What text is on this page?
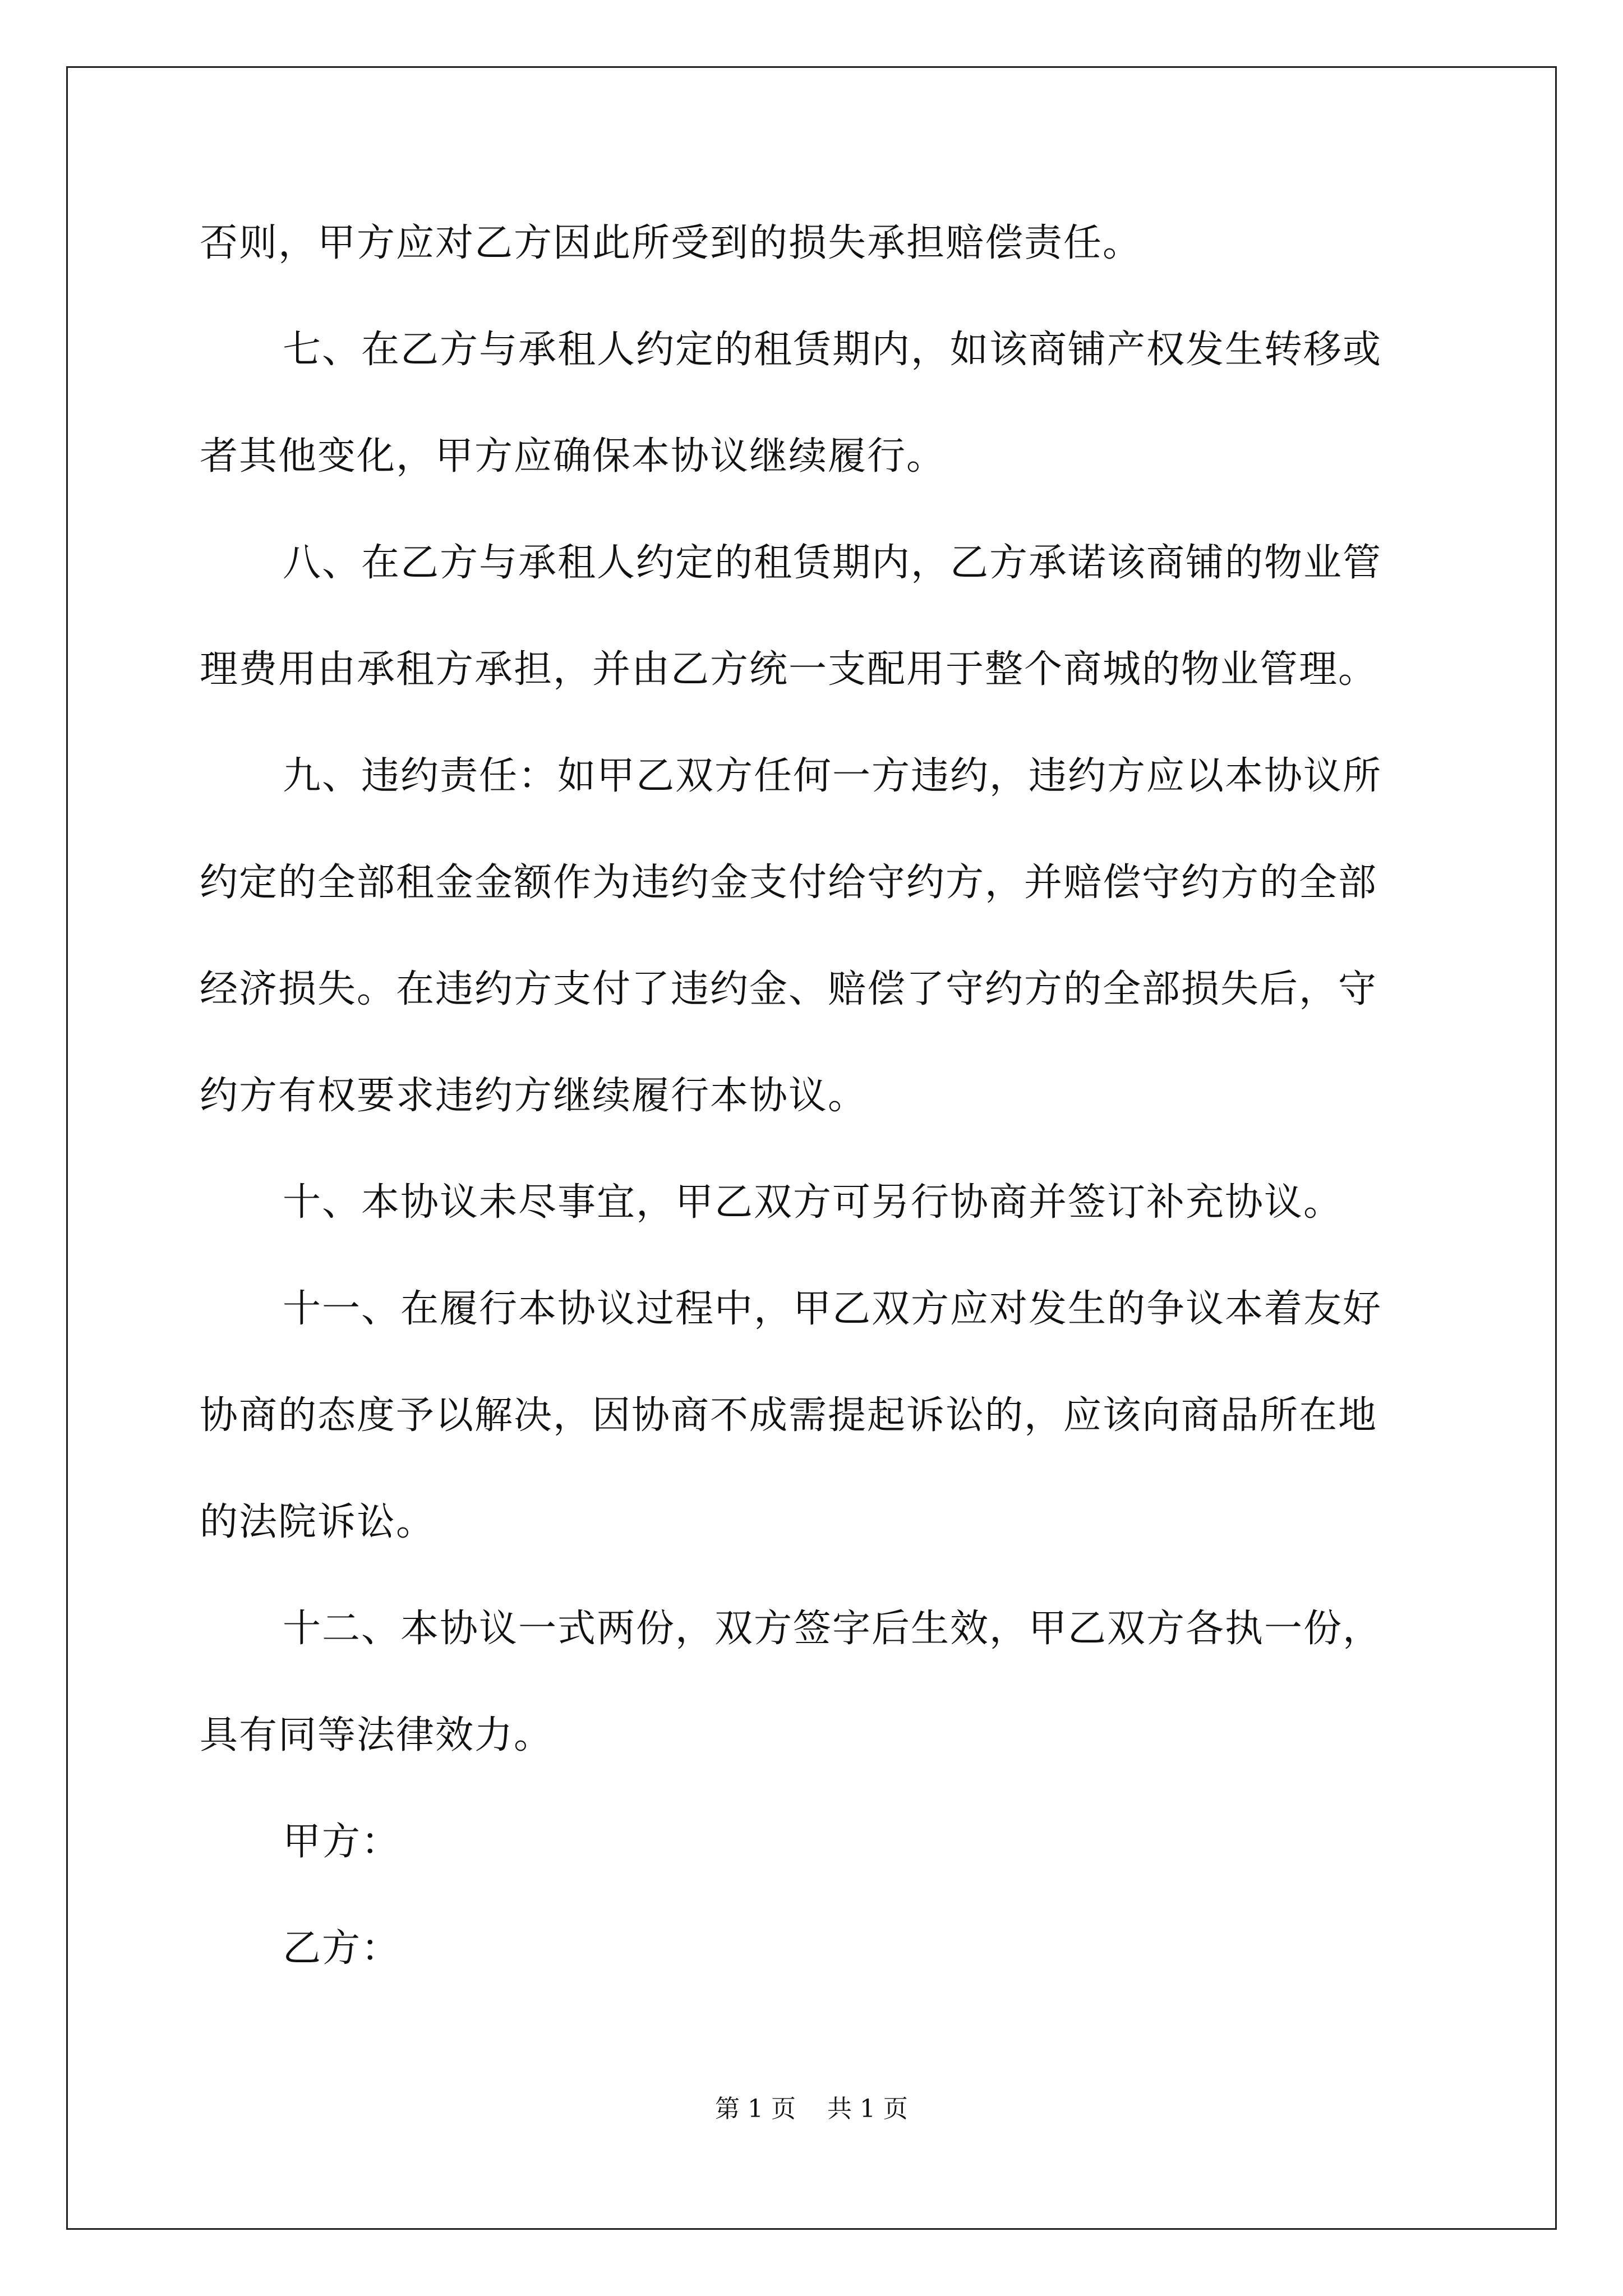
否则，甲方应对乙方因此所受到的损失承担赔偿责任。
七、在乙方与承租人约定的租赁期内，如该商铺产权发生转移或
者其他变化，甲方应确保本协议继续履行。
八、在乙方与承租人约定的租赁期内，乙方承诺该商铺的物业管
理费用由承租方承担，并由乙方统一支配用于整个商城的物业管理。
九、违约责任：如甲乙双方任何一方违约，违约方应以本协议所
约定的全部租金金额作为违约金支付给守约方，并赔偿守约方的全部
经济损失。在违约方支付了违约金、赔偿了守约方的全部损失后，守
约方有权要求违约方继续履行本协议。
十、本协议未尽事宜，甲乙双方可另行协商并签订补充协议。
十一、在履行本协议过程中，甲乙双方应对发生的争议本着友好
协商的态度予以解决，因协商不成需提起诉讼的，应该向商品所在地
的法院诉讼。
十二、本协议一式两份，双方签字后生效，甲乙双方各执一份，
具有同等法律效力。
甲方：
乙方：
第 1 页    共 1 页
